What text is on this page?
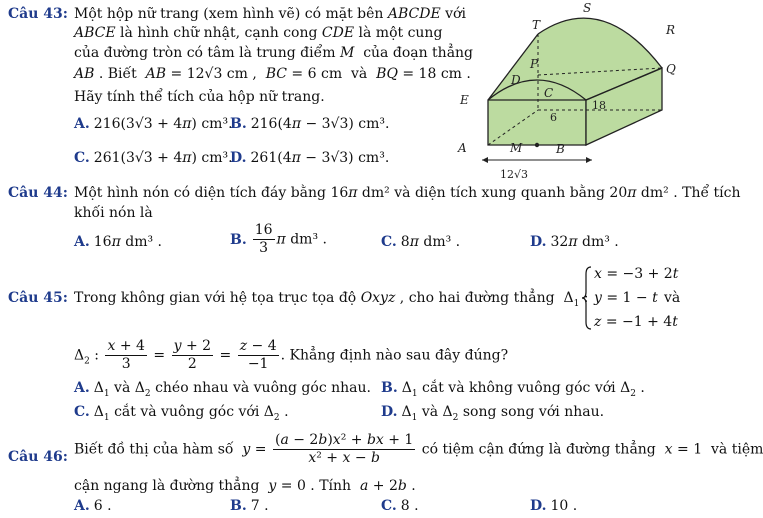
Câu 43: Một hộp nữ trang (xem hình vẽ) có mặt bên ABCDE với
ABCE là hình chữ nhật, cạnh cong CDE là một cung
của đường tròn có tâm là trung điểm M  của đoạn thẳng
AB . Biết  AB = 12√3 cm ,  BC = 6 cm  và  BQ = 18 cm .
Hãy tính thể tích của hộp nữ trang.
A. 216(3√3 + 4π) cm³.
B. 216(4π − 3√3) cm³.
C. 261(3√3 + 4π) cm³.
D. 261(4π − 3√3) cm³.
S
T	R
P	Q
D
C
E
A	M	B
18
6
12√3
Câu 44: Một hình nón có diện tích đáy bằng 16π dm² và diện tích xung quanh bằng 20π dm² . Thể tích
khối nón là
A. 16π dm³ .	B. $\frac{16}{3}$ π dm³ .	C. 8π dm³ .	D. 32π dm³ .
Câu 45: Trong không gian với hệ tọa trục tọa độ Oxyz , cho hai đường thẳng  $\Delta_1$ :
x = −3 + 2t
y = 1 − t
z = −1 + 4t
và
$\Delta_2$ : $\frac{x + 4}{3} = \frac{y + 2}{2} = \frac{z - 4}{-1}$ . Khẳng định nào sau đây đúng?
A. $\Delta_1$ và $\Delta_2$ chéo nhau và vuông góc nhau. B. $\Delta_1$ cắt và không vuông góc với $\Delta_2$ .
C. $\Delta_1$ cắt và vuông góc với $\Delta_2$ .	D. $\Delta_1$ và $\Delta_2$ song song với nhau.
Câu 46: Biết đồ thị của hàm số  $y = \frac{\text{(a − 2b)x² + bx + 1}}{\text{x² + x − b}}$ có tiệm cận đứng là đường thẳng  x = 1  và tiệm
cận ngang là đường thẳng  y = 0 . Tính  a + 2b .
A. 6 .	B. 7 .	C. 8 .	D. 10 .
